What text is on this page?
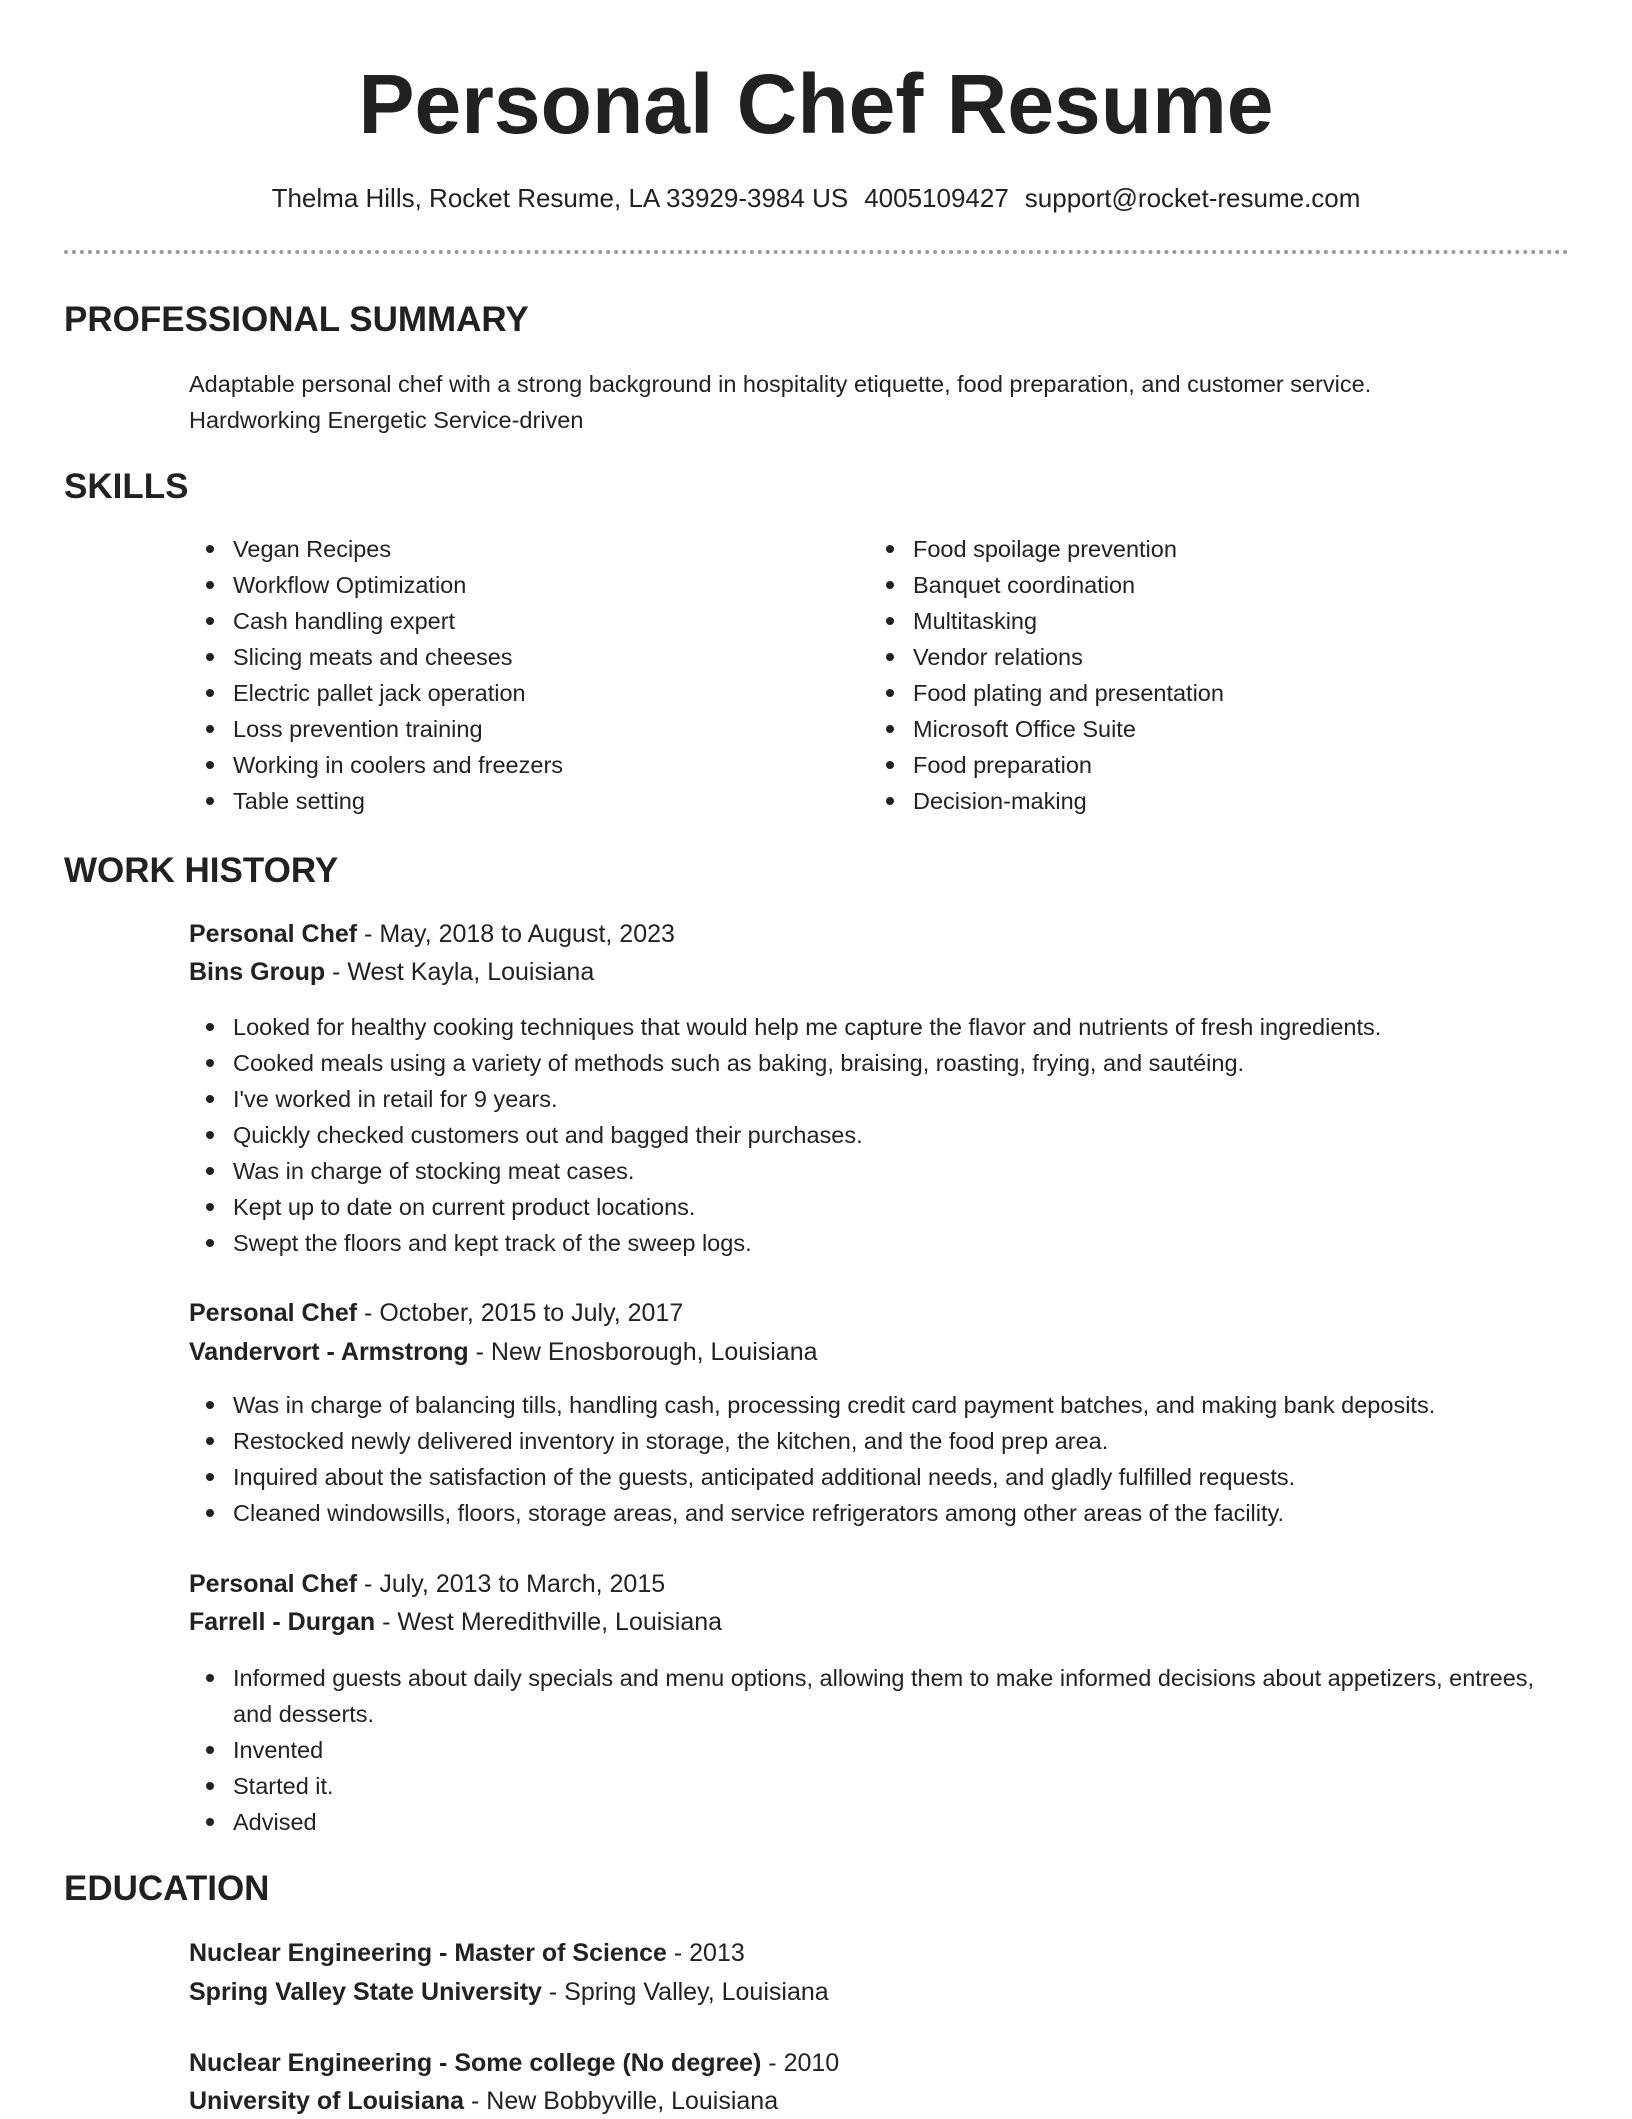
Personal Chef Resume
Thelma Hills, Rocket Resume, LA 33929-3984 US 4005109427 support@rocket-resume.com
PROFESSIONAL SUMMARY
Adaptable personal chef with a strong background in hospitality etiquette, food preparation, and customer service.
Hardworking Energetic Service-driven
SKILLS
Vegan Recipes
Workflow Optimization
Cash handling expert
Slicing meats and cheeses
Electric pallet jack operation
Loss prevention training
Working in coolers and freezers
Table setting
Food spoilage prevention
Banquet coordination
Multitasking
Vendor relations
Food plating and presentation
Microsoft Office Suite
Food preparation
Decision-making
WORK HISTORY
Personal Chef - May, 2018 to August, 2023
Bins Group - West Kayla, Louisiana
Looked for healthy cooking techniques that would help me capture the flavor and nutrients of fresh ingredients.
Cooked meals using a variety of methods such as baking, braising, roasting, frying, and sautéing.
I've worked in retail for 9 years.
Quickly checked customers out and bagged their purchases.
Was in charge of stocking meat cases.
Kept up to date on current product locations.
Swept the floors and kept track of the sweep logs.
Personal Chef - October, 2015 to July, 2017
Vandervort - Armstrong - New Enosborough, Louisiana
Was in charge of balancing tills, handling cash, processing credit card payment batches, and making bank deposits.
Restocked newly delivered inventory in storage, the kitchen, and the food prep area.
Inquired about the satisfaction of the guests, anticipated additional needs, and gladly fulfilled requests.
Cleaned windowsills, floors, storage areas, and service refrigerators among other areas of the facility.
Personal Chef - July, 2013 to March, 2015
Farrell - Durgan - West Meredithville, Louisiana
Informed guests about daily specials and menu options, allowing them to make informed decisions about appetizers, entrees, and desserts.
Invented
Started it.
Advised
EDUCATION
Nuclear Engineering - Master of Science - 2013
Spring Valley State University - Spring Valley, Louisiana
Nuclear Engineering - Some college (No degree) - 2010
University of Louisiana - New Bobbyville, Louisiana
